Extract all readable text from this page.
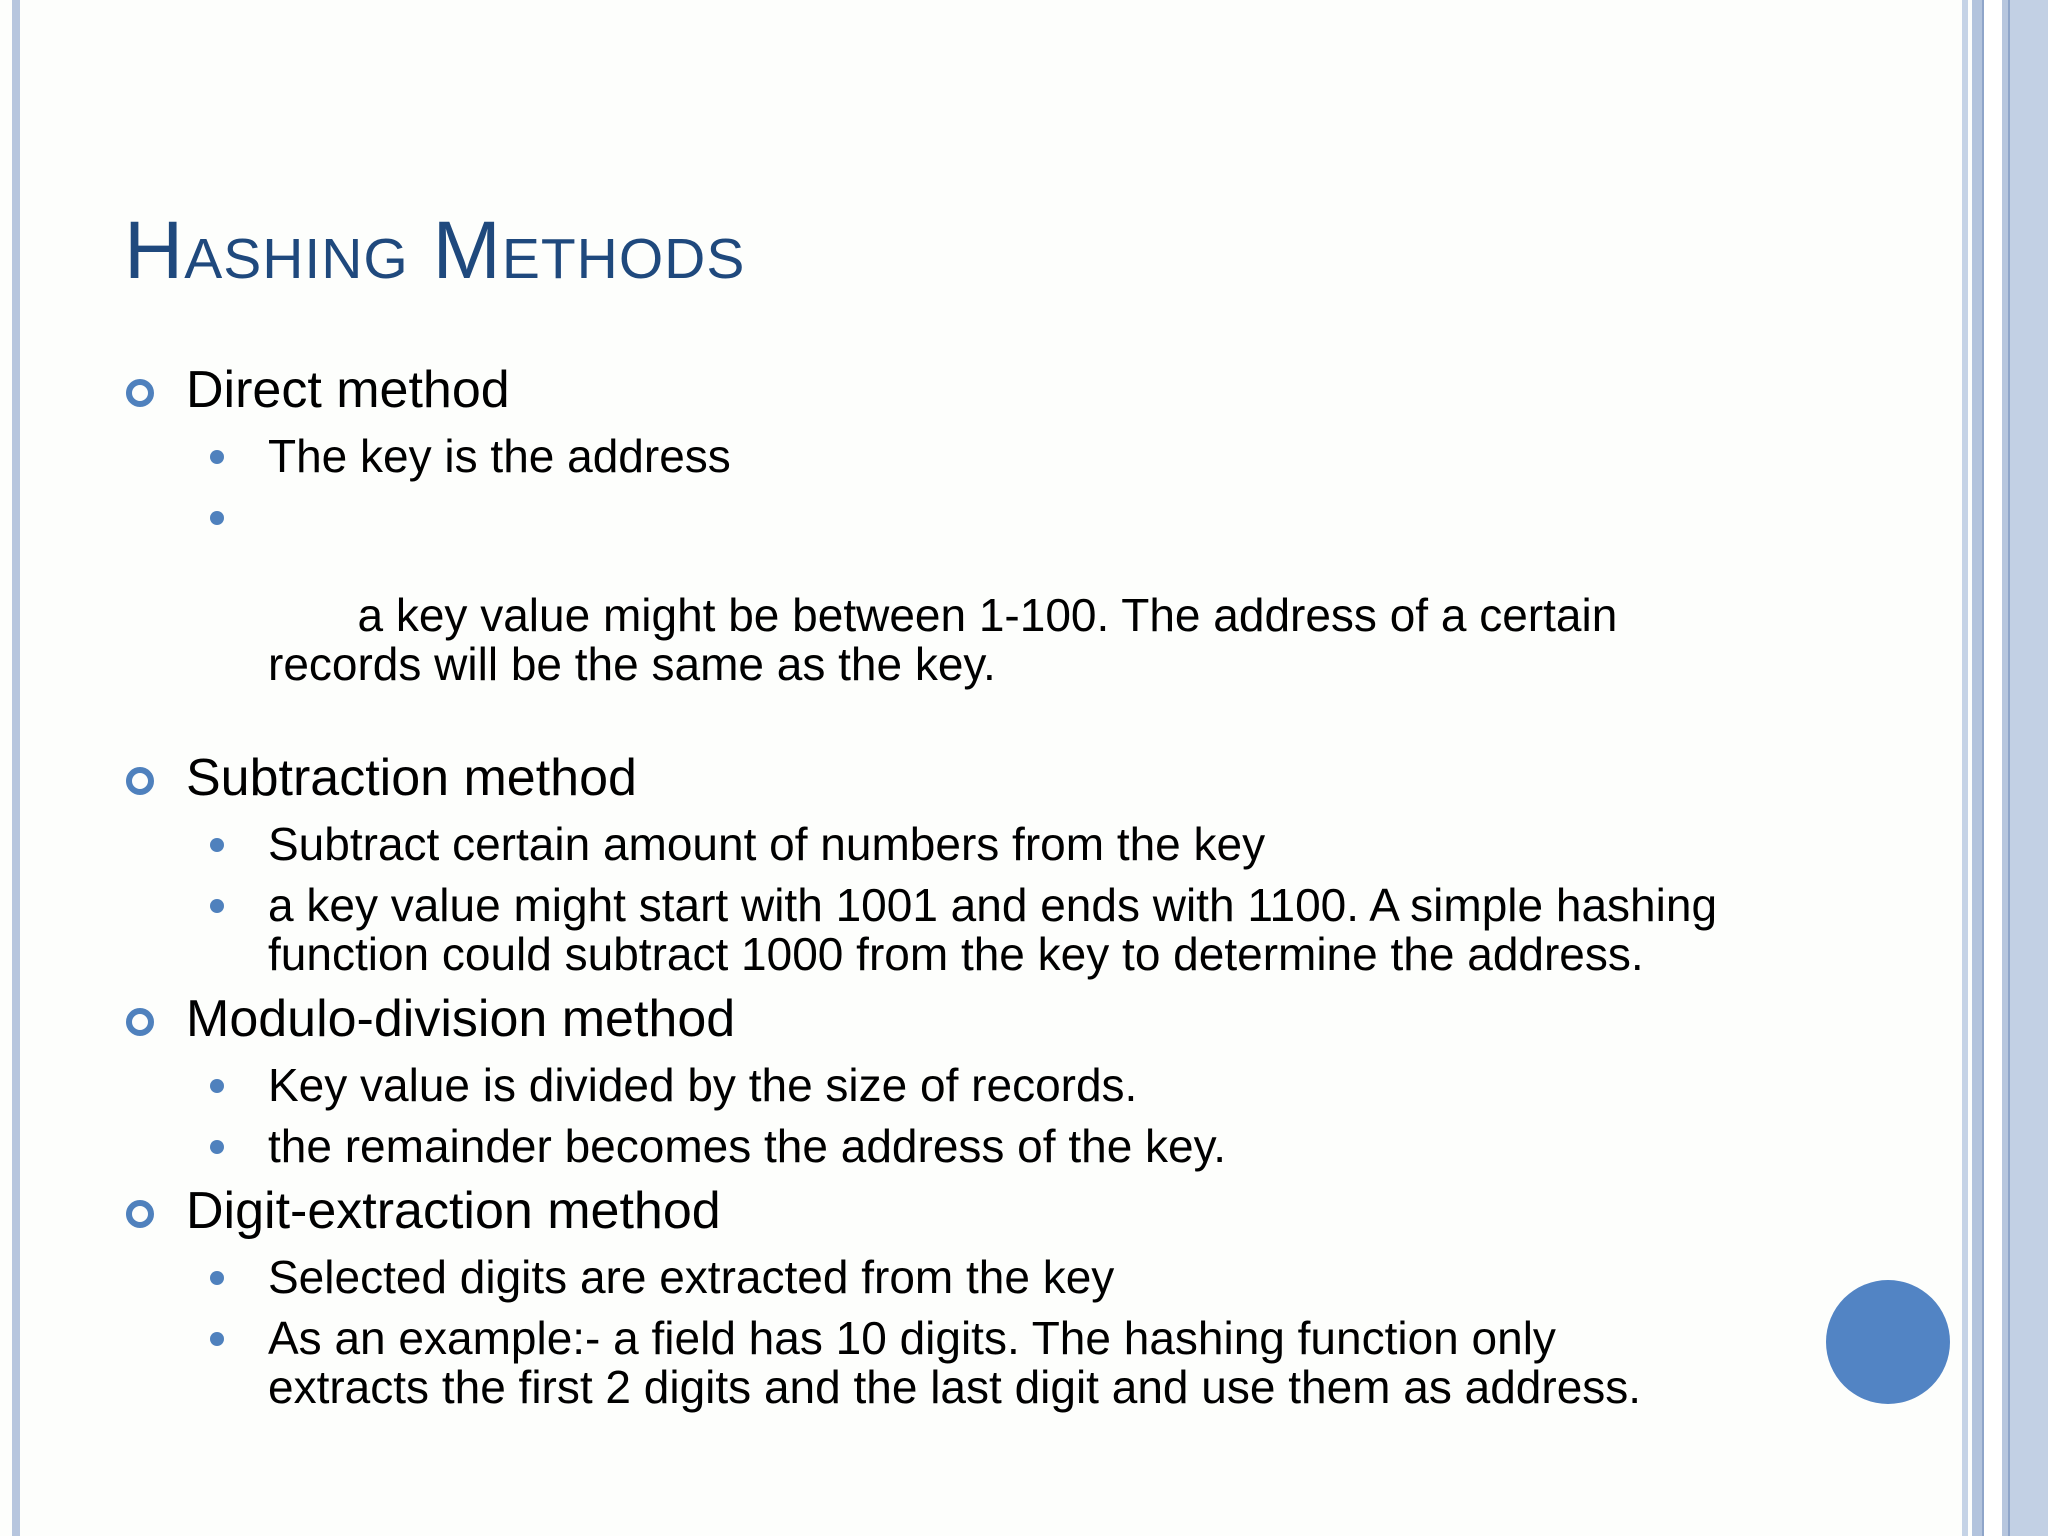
Hashing Methods
Direct method
The key is the address

a key value might be between 1-100. The address of a certain records will be the same as the key.

Subtraction method
Subtract certain amount of numbers from the key
a key value might start with 1001 and ends with 1100. A simple hashing function could subtract 1000 from the key to determine the address.
Modulo-division method
Key value is divided by the size of records.
the remainder becomes the address of the key.
Digit-extraction method
Selected digits are extracted from the key
As an example:- a field has 10 digits. The hashing function only extracts the first 2 digits and the last digit and use them as address.
